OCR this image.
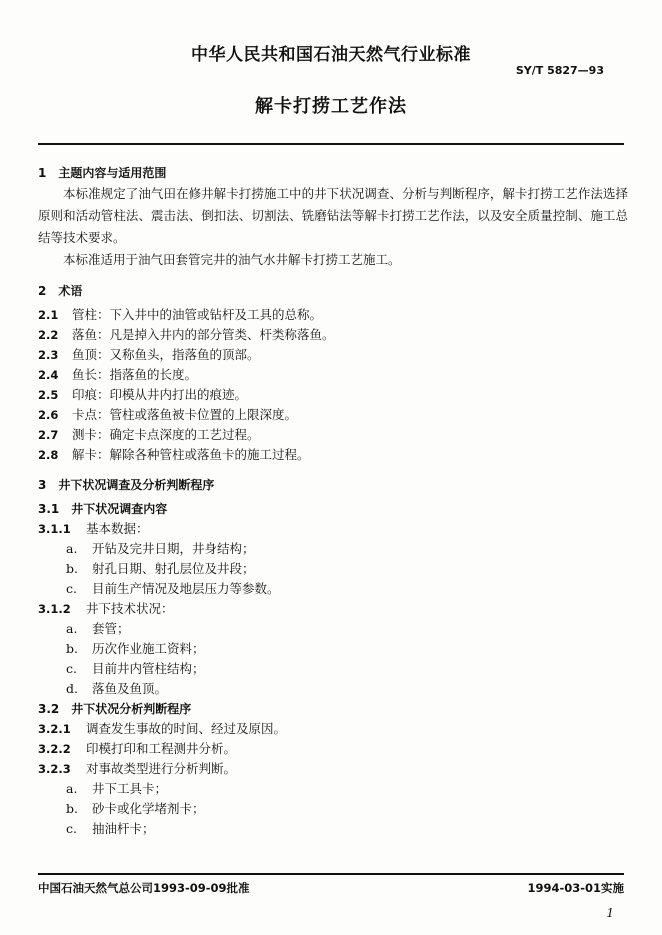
中华人民共和国石油天然气行业标准
SY/T 5827—93
解卡打捞工艺作法
1　主题内容与适用范围
本标准规定了油气田在修井解卡打捞施工中的井下状况调查、分析与判断程序，解卡打捞工艺作法选择原则和活动管柱法、震击法、倒扣法、切割法、铣磨钻法等解卡打捞工艺作法，以及安全质量控制、施工总结等技术要求。
本标准适用于油气田套管完井的油气水井解卡打捞工艺施工。
2　术语
2.1 管柱：下入井中的油管或钻杆及工具的总称。
2.2 落鱼：凡是掉入井内的部分管类、杆类称落鱼。
2.3 鱼顶：又称鱼头，指落鱼的顶部。
2.4 鱼长：指落鱼的长度。
2.5 印痕：印模从井内打出的痕迹。
2.6 卡点：管柱或落鱼被卡位置的上限深度。
2.7 测卡：确定卡点深度的工艺过程。
2.8 解卡：解除各种管柱或落鱼卡的施工过程。
3　井下状况调查及分析判断程序
3.1　井下状况调查内容
3.1.1 基本数据：
a. 开钻及完井日期，井身结构；
b. 射孔日期、射孔层位及井段；
c. 目前生产情况及地层压力等参数。
3.1.2 井下技术状况：
a. 套管；
b. 历次作业施工资料；
c. 目前井内管柱结构；
d. 落鱼及鱼顶。
3.2　井下状况分析判断程序
3.2.1 调查发生事故的时间、经过及原因。
3.2.2 印模打印和工程测井分析。
3.2.3 对事故类型进行分析判断。
a. 井下工具卡；
b. 砂卡或化学堵剂卡；
c. 抽油杆卡；
中国石油天然气总公司1993-09-09批准	1994-03-01实施
1
